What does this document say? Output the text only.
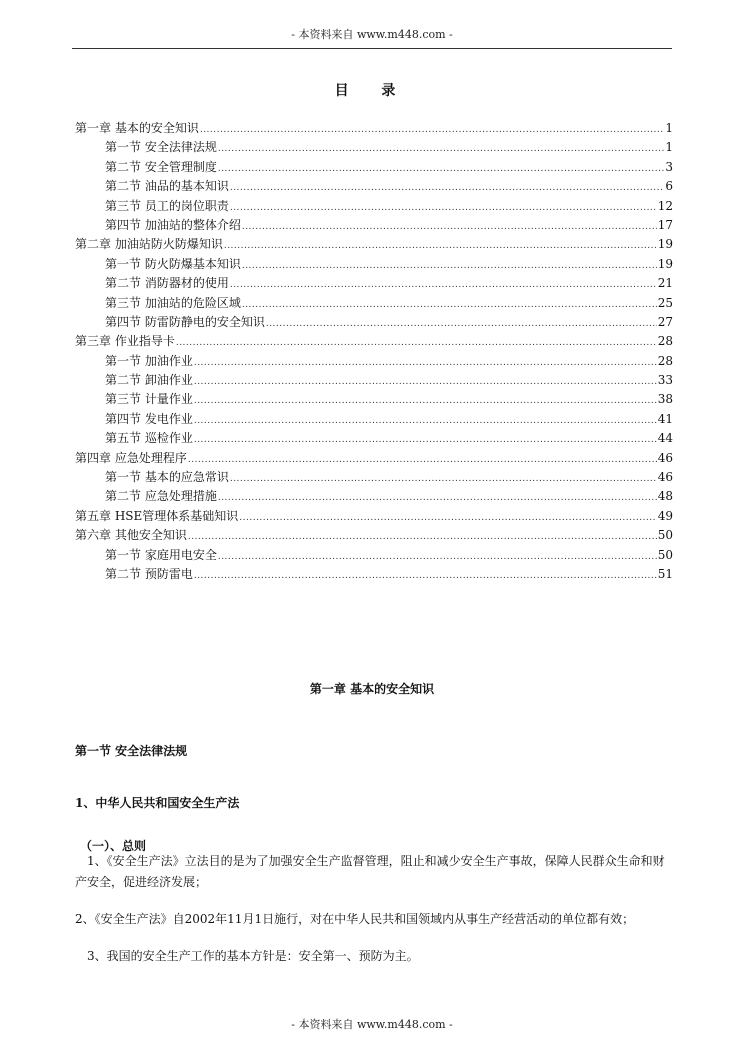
- 本资料来自 www.m448.com -
目 录
第一章 基本的安全知识 .....	1
第一节 安全法律法规 .....	1
第二节 安全管理制度 .....	3
第二节 油品的基本知识 .....	6
第三节 员工的岗位职责 .....	12
第四节 加油站的整体介绍 .....	17
第二章 加油站防火防爆知识 .....	19
第一节 防火防爆基本知识 .....	19
第二节 消防器材的使用 .....	21
第三节 加油站的危险区域 .....	25
第四节 防雷防静电的安全知识 .....	27
第三章 作业指导卡 .....	28
第一节 加油作业 .....	28
第二节 卸油作业 .....	33
第三节 计量作业 .....	38
第四节 发电作业 .....	41
第五节 巡检作业 .....	44
第四章 应急处理程序 .....	46
第一节 基本的应急常识 .....	46
第二节 应急处理措施 .....	48
第五章 HSE管理体系基础知识 .....	49
第六章 其他安全知识 .....	50
第一节 家庭用电安全 .....	50
第二节 预防雷电 .....	51
第一章 基本的安全知识
第一节 安全法律法规
1、中华人民共和国安全生产法
（一）、总则
1、《安全生产法》立法目的是为了加强安全生产监督管理，阻止和减少安全生产事故，保障人民群众生命和财产安全，促进经济发展；
2、《安全生产法》自2002年11月1日施行，对在中华人民共和国领域内从事生产经营活动的单位都有效；
3、我国的安全生产工作的基本方针是：安全第一、预防为主。
- 本资料来自 www.m448.com -
